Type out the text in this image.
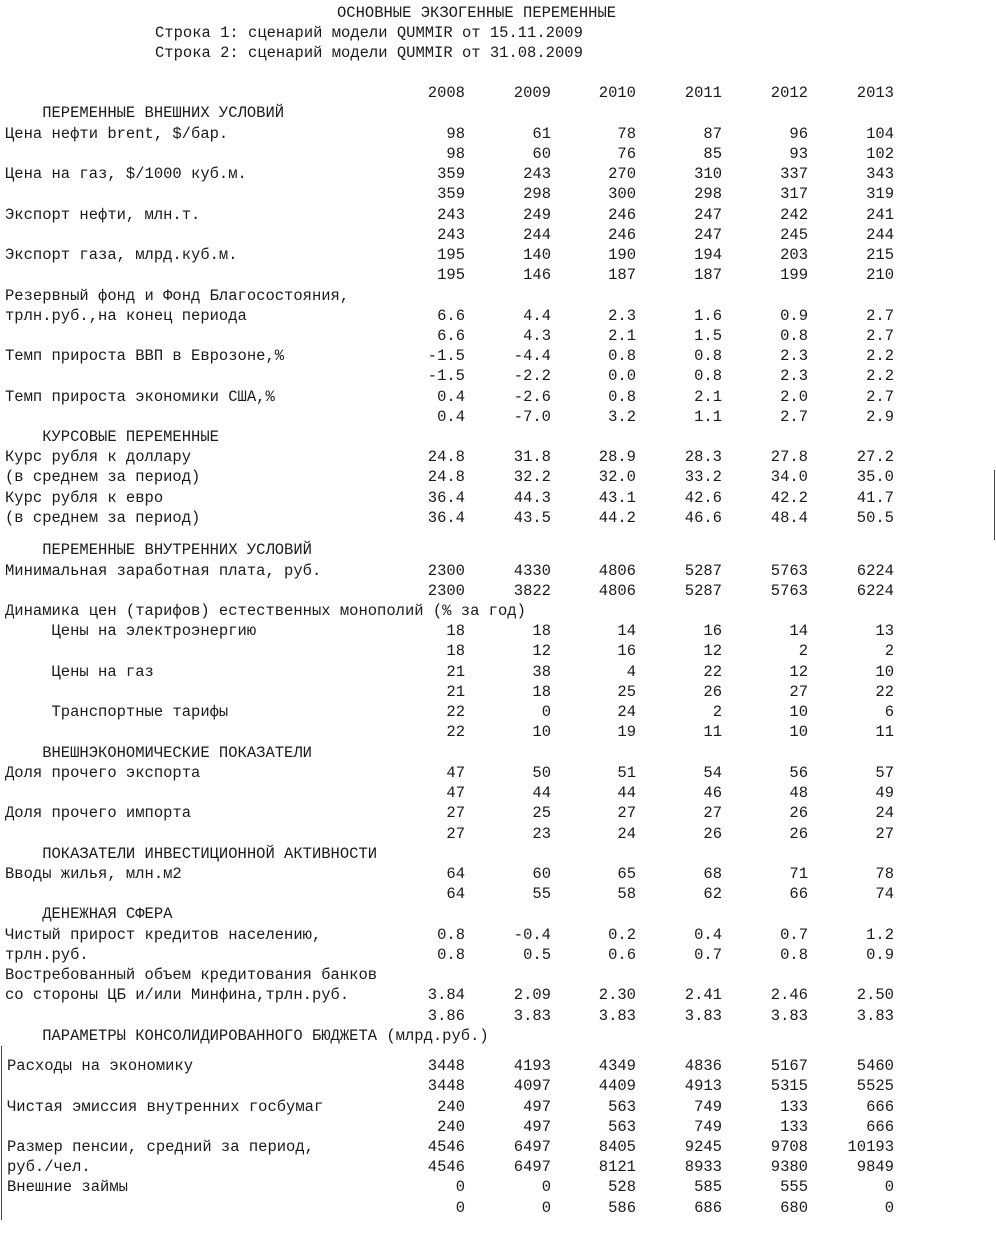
ОСНОВНЫЕ ЭКЗОГЕННЫЕ ПЕРЕМЕННЫЕ
Строка 1: сценарий модели QUMMIR от 15.11.2009
Строка 2: сценарий модели QUMMIR от 31.08.2009
2008	2009	2010	2011	2012	2013
ПЕРЕМЕННЫЕ ВНЕШНИХ УСЛОВИЙ
Цена нефти brent, $/бар.	98	61	78	87	96	104
98	60	76	85	93	102
Цена на газ, $/1000 куб.м.	359	243	270	310	337	343
359	298	300	298	317	319
Экспорт нефти, млн.т.	243	249	246	247	242	241
243	244	246	247	245	244
Экспорт газа, млрд.куб.м.	195	140	190	194	203	215
195	146	187	187	199	210
Резервный фонд и Фонд Благосостояния,
трлн.руб.,на конец периода	6.6	4.4	2.3	1.6	0.9	2.7
6.6	4.3	2.1	1.5	0.8	2.7
Темп прироста ВВП в Еврозоне,%	-1.5	-4.4	0.8	0.8	2.3	2.2
-1.5	-2.2	0.0	0.8	2.3	2.2
Темп прироста экономики США,%	0.4	-2.6	0.8	2.1	2.0	2.7
0.4	-7.0	3.2	1.1	2.7	2.9
КУРСОВЫЕ ПЕРЕМЕННЫЕ
Курс рубля к доллару	24.8	31.8	28.9	28.3	27.8	27.2
(в среднем за период)	24.8	32.2	32.0	33.2	34.0	35.0
Курс рубля к евро	36.4	44.3	43.1	42.6	42.2	41.7
(в среднем за период)	36.4	43.5	44.2	46.6	48.4	50.5
ПЕРЕМЕННЫЕ ВНУТРЕННИХ УСЛОВИЙ
Минимальная заработная плата, руб.	2300	4330	4806	5287	5763	6224
2300	3822	4806	5287	5763	6224
Динамика цен (тарифов) естественных монополий (% за год)
Цены на электроэнергию	18	18	14	16	14	13
18	12	16	12	2	2
Цены на газ	21	38	4	22	12	10
21	18	25	26	27	22
Транспортные тарифы	22	0	24	2	10	6
22	10	19	11	10	11
ВНЕШНЭКОНОМИЧЕСКИЕ ПОКАЗАТЕЛИ
Доля прочего экспорта	47	50	51	54	56	57
47	44	44	46	48	49
Доля прочего импорта	27	25	27	27	26	24
27	23	24	26	26	27
ПОКАЗАТЕЛИ ИНВЕСТИЦИОННОЙ АКТИВНОСТИ
Вводы жилья, млн.м2	64	60	65	68	71	78
64	55	58	62	66	74
ДЕНЕЖНАЯ СФЕРА
Чистый прирост кредитов населению,	0.8	-0.4	0.2	0.4	0.7	1.2
трлн.руб.	0.8	0.5	0.6	0.7	0.8	0.9
Востребованный объем кредитования банков
со стороны ЦБ и/или Минфина,трлн.руб.	3.84	2.09	2.30	2.41	2.46	2.50
3.86	3.83	3.83	3.83	3.83	3.83
ПАРАМЕТРЫ КОНСОЛИДИРОВАННОГО БЮДЖЕТА (млрд.руб.)
Расходы на экономику	3448	4193	4349	4836	5167	5460
3448	4097	4409	4913	5315	5525
Чистая эмиссия внутренних госбумаг	240	497	563	749	133	666
240	497	563	749	133	666
Размер пенсии, средний за период,	4546	6497	8405	9245	9708	10193
руб./чел.	4546	6497	8121	8933	9380	9849
Внешние займы	0	0	528	585	555	0
0	0	586	686	680	0
